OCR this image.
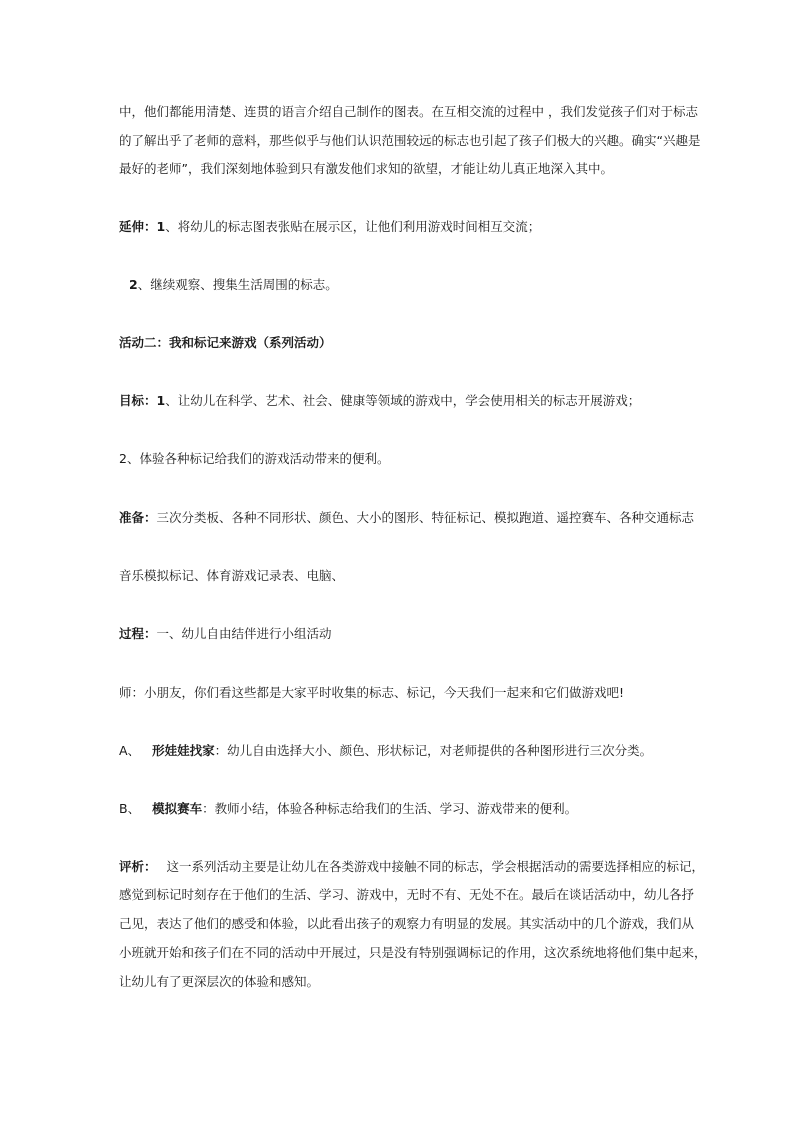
中，他们都能用清楚、连贯的语言介绍自己制作的图表。在互相交流的过程中 ，我们发觉孩子们对于标志
的了解出乎了老师的意料，那些似乎与他们认识范围较远的标志也引起了孩子们极大的兴趣。确实“兴趣是
最好的老师”，我们深刻地体验到只有激发他们求知的欲望，才能让幼儿真正地深入其中。
延伸：1、将幼儿的标志图表张贴在展示区，让他们利用游戏时间相互交流；
2、继续观察、搜集生活周围的标志。
活动二：我和标记来游戏（系列活动）
目标：1、让幼儿在科学、艺术、社会、健康等领域的游戏中，学会使用相关的标志开展游戏；
2、体验各种标记给我们的游戏活动带来的便利。
准备：三次分类板、各种不同形状、颜色、大小的图形、特征标记、模拟跑道、遥控赛车、各种交通标志
音乐模拟标记、体育游戏记录表、电脑、
过程：一、幼儿自由结伴进行小组活动
师：小朋友，你们看这些都是大家平时收集的标志、标记，今天我们一起来和它们做游戏吧!
A、 形娃娃找家：幼儿自由选择大小、颜色、形状标记，对老师提供的各种图形进行三次分类。
B、 模拟赛车：教师小结，体验各种标志给我们的生活、学习、游戏带来的便利。
评析： 这一系列活动主要是让幼儿在各类游戏中接触不同的标志，学会根据活动的需要选择相应的标记，
感觉到标记时刻存在于他们的生活、学习、游戏中，无时不有、无处不在。最后在谈话活动中，幼儿各抒
己见，表达了他们的感受和体验，以此看出孩子的观察力有明显的发展。其实活动中的几个游戏，我们从
小班就开始和孩子们在不同的活动中开展过，只是没有特别强调标记的作用，这次系统地将他们集中起来，
让幼儿有了更深层次的体验和感知。
